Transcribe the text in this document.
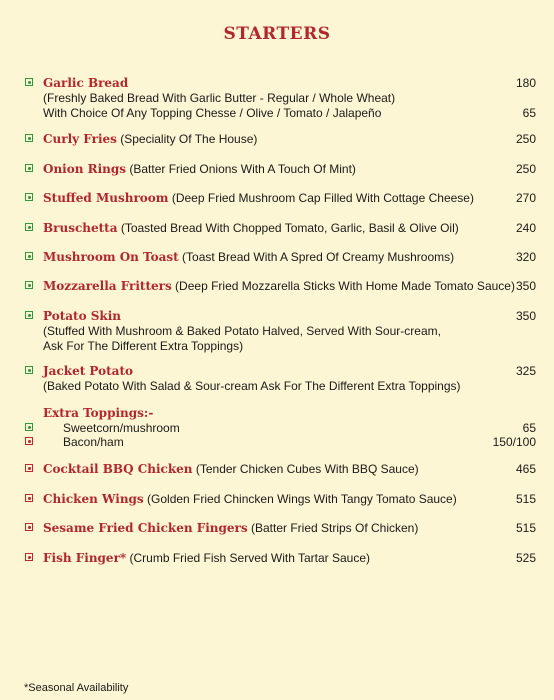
STARTERS
Garlic Bread	180
(Freshly Baked Bread With Garlic Butter - Regular / Whole Wheat)
With Choice Of Any Topping Chesse / Olive / Tomato / Jalapeño	65
Curly Fries (Speciality Of The House)	250
Onion Rings (Batter Fried Onions With A Touch Of Mint)	250
Stuffed Mushroom (Deep Fried Mushroom Cap Filled With Cottage Cheese)	270
Bruschetta (Toasted Bread With Chopped Tomato, Garlic, Basil & Olive Oil)	240
Mushroom On Toast (Toast Bread With A Spred Of Creamy Mushrooms)	320
Mozzarella Fritters (Deep Fried Mozzarella Sticks With Home Made Tomato Sauce) 350
Potato Skin	350
(Stuffed With Mushroom & Baked Potato Halved, Served With Sour-cream,
Ask For The Different Extra Toppings)
Jacket Potato	325
(Baked Potato With Salad & Sour-cream Ask For The Different Extra Toppings)
Extra Toppings:-
Sweetcorn/mushroom	65
Bacon/ham	150/100
Cocktail BBQ Chicken (Tender Chicken Cubes With BBQ Sauce)	465
Chicken Wings (Golden Fried Chincken Wings With Tangy Tomato Sauce)	515
Sesame Fried Chicken Fingers (Batter Fried Strips Of Chicken)	515
Fish Finger* (Crumb Fried Fish Served With Tartar Sauce)	525
*Seasonal Availability
